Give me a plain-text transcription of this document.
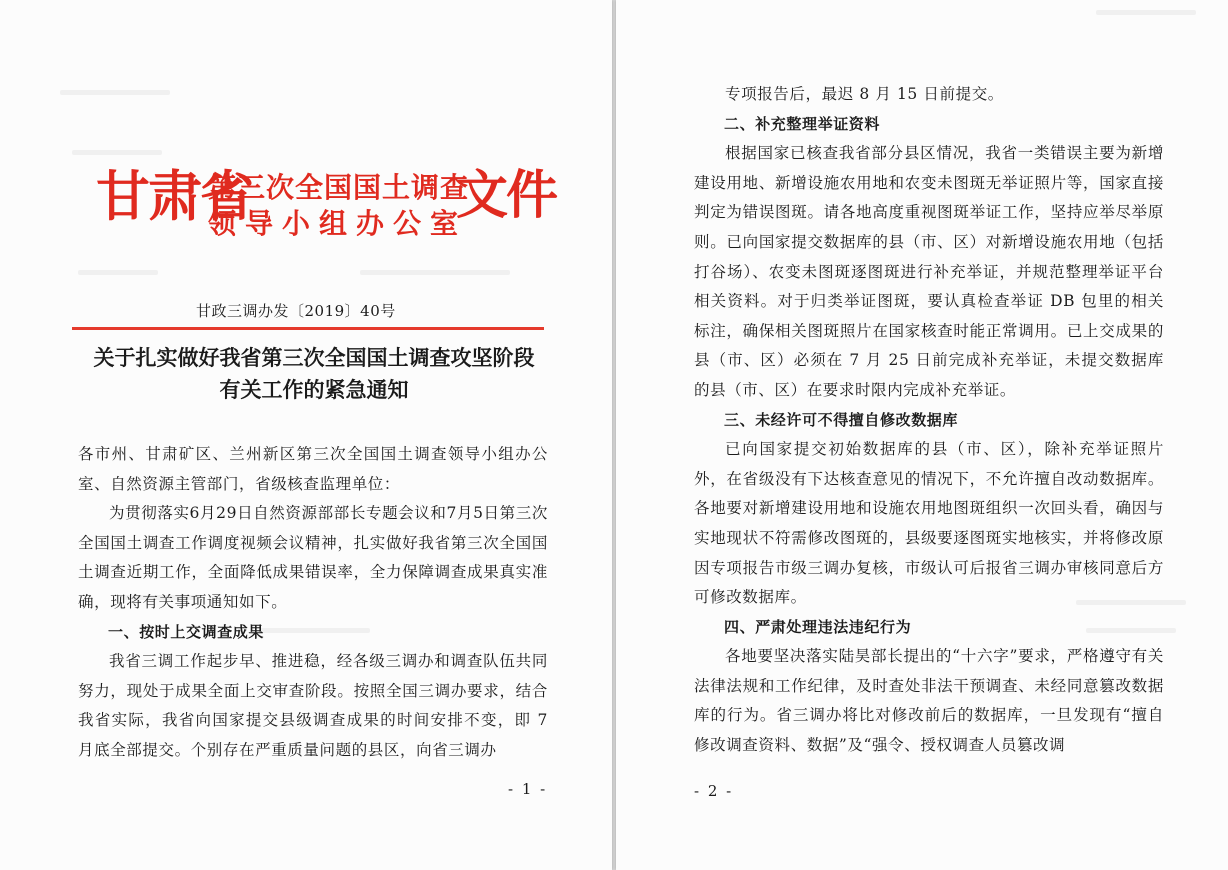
甘肃省
第三次全国国土调查
领导小组办公室
文件
甘政三调办发〔2019〕40号
关于扎实做好我省第三次全国国土调查攻坚阶段有关工作的紧急通知

各市州、甘肃矿区、兰州新区第三次全国国土调查领导小组办公室、自然资源主管部门，省级核查监理单位：

为贯彻落实6月29日自然资源部部长专题会议和7月5日第三次全国国土调查工作调度视频会议精神，扎实做好我省第三次全国国土调查近期工作，全面降低成果错误率，全力保障调查成果真实准确，现将有关事项通知如下。

一、按时上交调查成果

我省三调工作起步早、推进稳，经各级三调办和调查队伍共同努力，现处于成果全面上交审查阶段。按照全国三调办要求，结合我省实际，我省向国家提交县级调查成果的时间安排不变，即 7 月底全部提交。个别存在严重质量问题的县区，向省三调办

- 1 -

专项报告后，最迟 8 月 15 日前提交。

二、补充整理举证资料

根据国家已核查我省部分县区情况，我省一类错误主要为新增建设用地、新增设施农用地和农变未图斑无举证照片等，国家直接判定为错误图斑。请各地高度重视图斑举证工作，坚持应举尽举原则。已向国家提交数据库的县（市、区）对新增设施农用地（包括打谷场）、农变未图斑逐图斑进行补充举证，并规范整理举证平台相关资料。对于归类举证图斑，要认真检查举证 DB 包里的相关标注，确保相关图斑照片在国家核查时能正常调用。已上交成果的县（市、区）必须在 7 月 25 日前完成补充举证，未提交数据库的县（市、区）在要求时限内完成补充举证。

三、未经许可不得擅自修改数据库

已向国家提交初始数据库的县（市、区），除补充举证照片外，在省级没有下达核查意见的情况下，不允许擅自改动数据库。各地要对新增建设用地和设施农用地图斑组织一次回头看，确因与实地现状不符需修改图斑的，县级要逐图斑实地核实，并将修改原因专项报告市级三调办复核，市级认可后报省三调办审核同意后方可修改数据库。

四、严肃处理违法违纪行为

各地要坚决落实陆昊部长提出的“十六字”要求，严格遵守有关法律法规和工作纪律，及时查处非法干预调查、未经同意篡改数据库的行为。省三调办将比对修改前后的数据库，一旦发现有“擅自修改调查资料、数据”及“强令、授权调查人员篡改调

- 2 -
